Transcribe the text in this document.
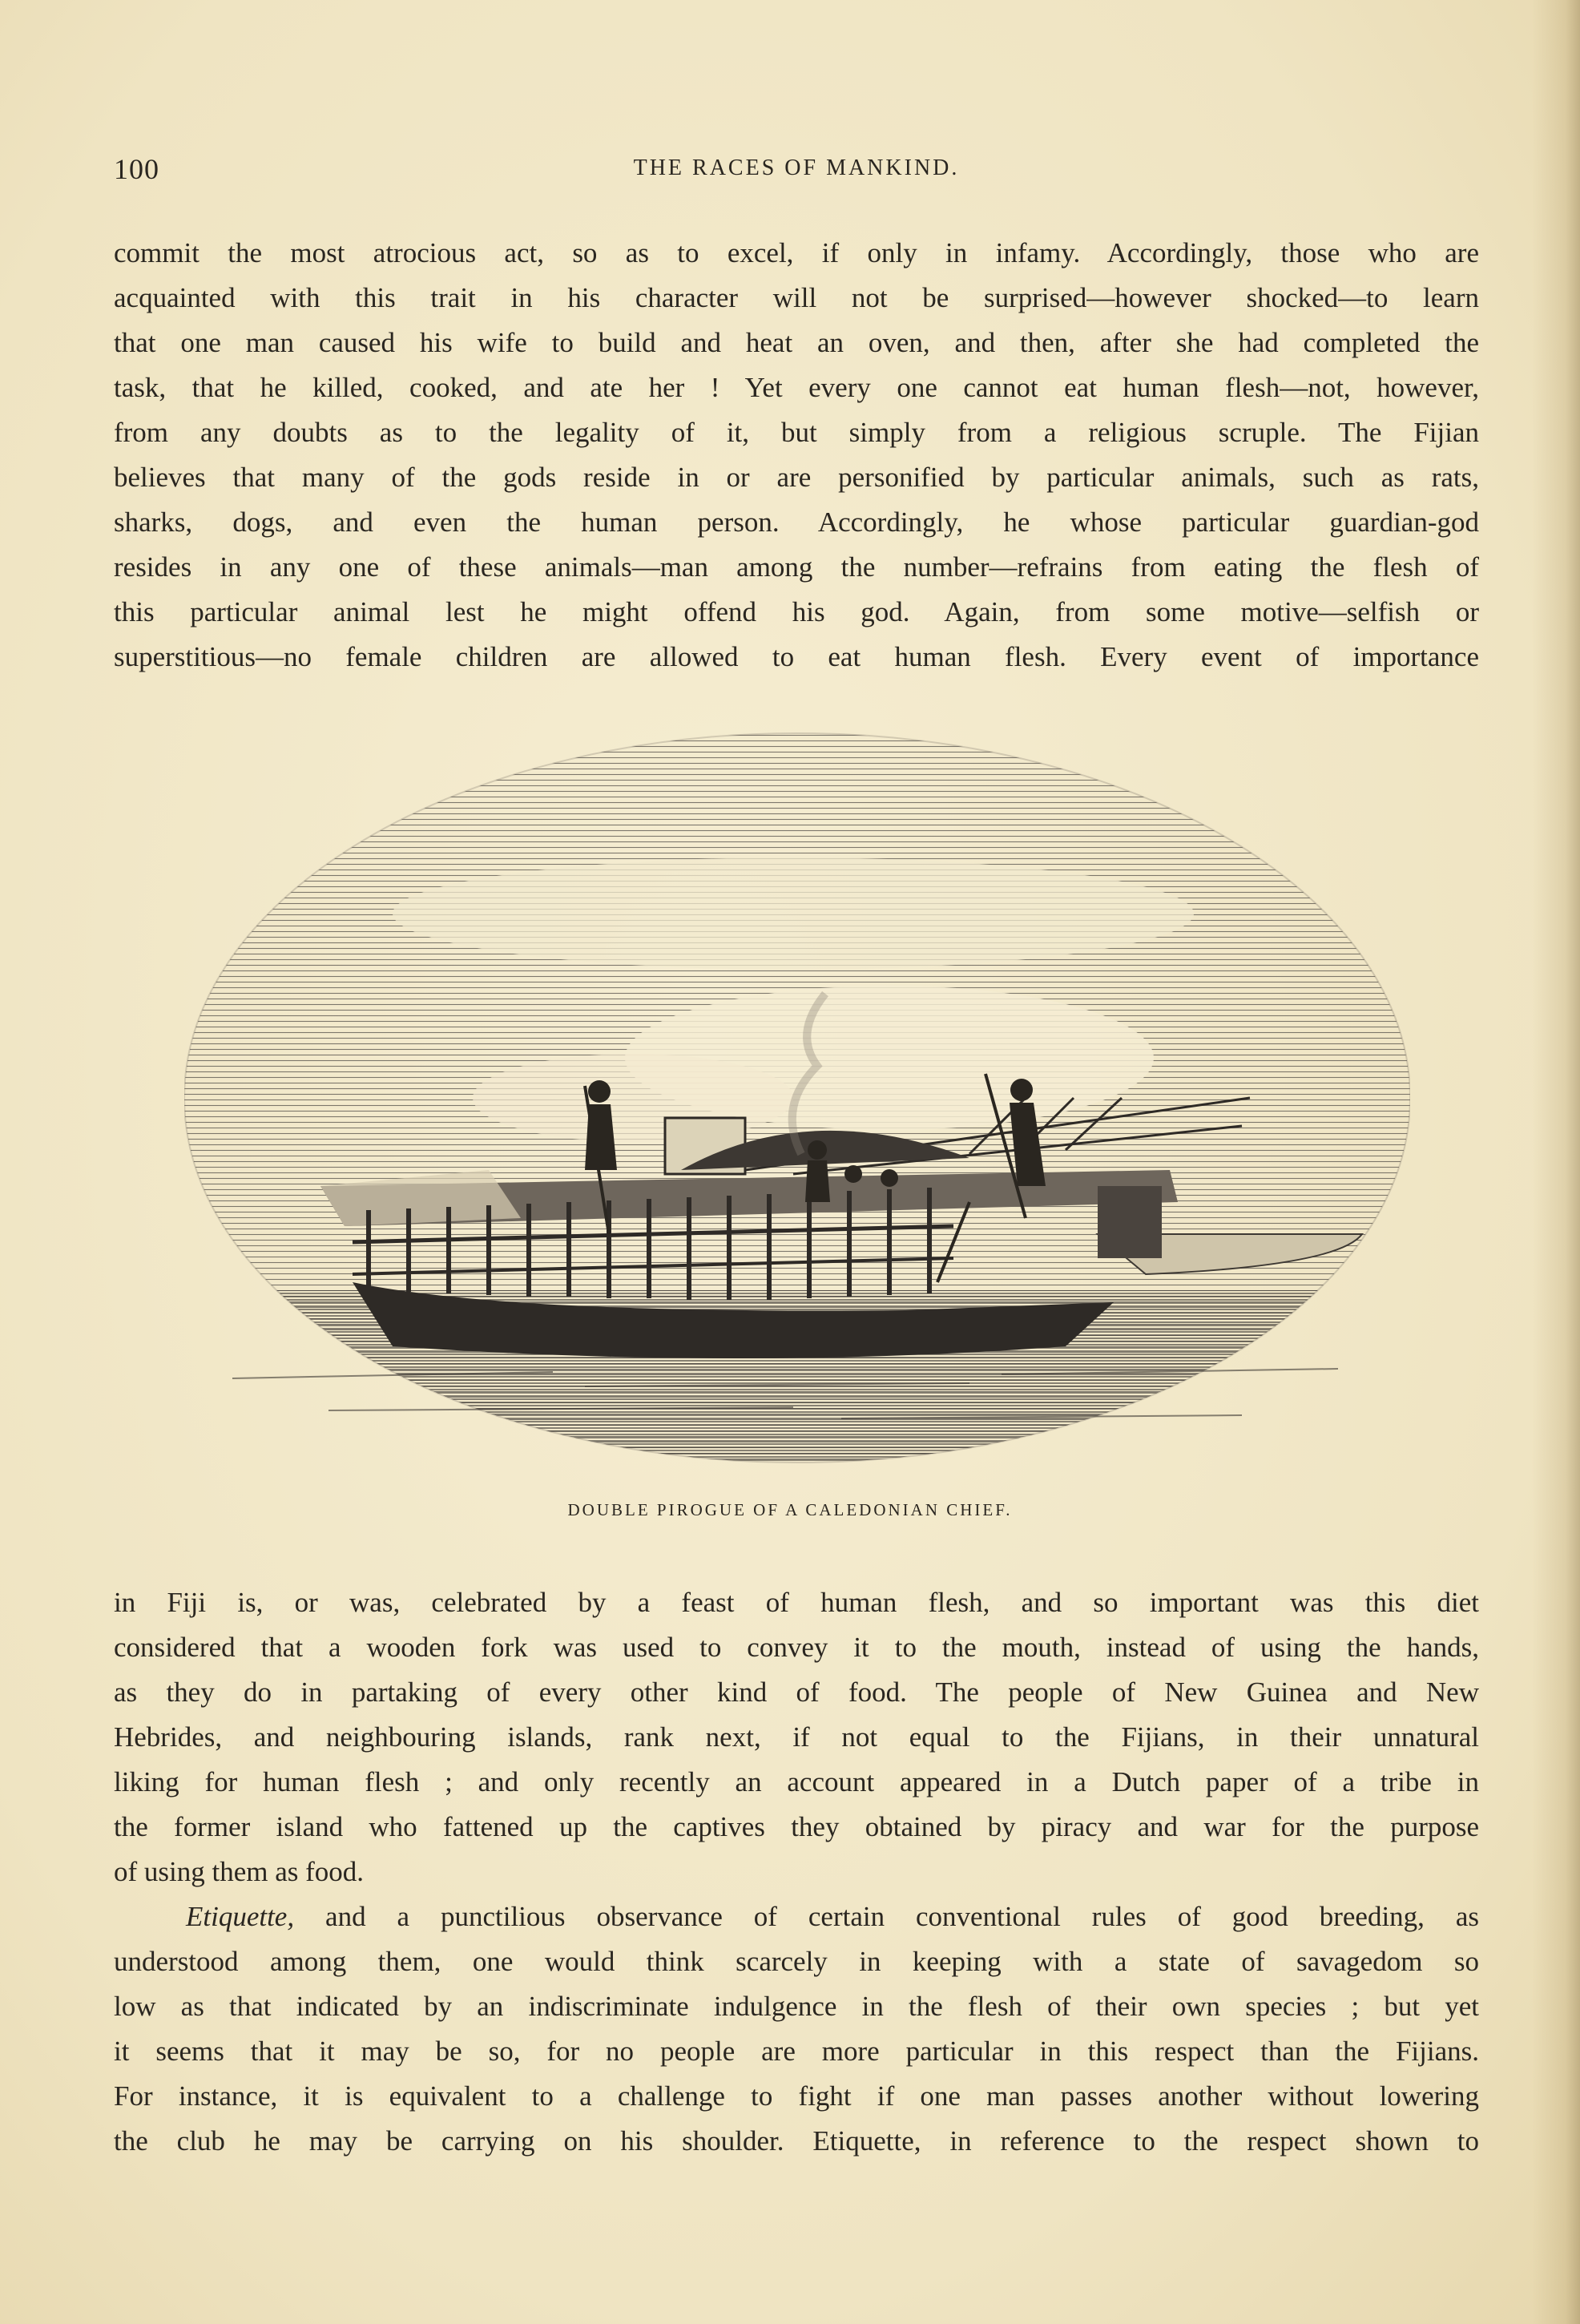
100	THE RACES OF MANKIND.
commit the most atrocious act, so as to excel, if only in infamy. Accordingly, those who are
acquainted with this trait in his character will not be surprised—however shocked—to learn
that one man caused his wife to build and heat an oven, and then, after she had completed the
task, that he killed, cooked, and ate her ! Yet every one cannot eat human flesh—not, however,
from any doubts as to the legality of it, but simply from a religious scruple. The Fijian
believes that many of the gods reside in or are personified by particular animals, such as rats,
sharks, dogs, and even the human person. Accordingly, he whose particular guardian-god
resides in any one of these animals—man among the number—refrains from eating the flesh of
this particular animal lest he might offend his god. Again, from some motive—selfish or
superstitious—no female children are allowed to eat human flesh. Every event of importance
DOUBLE PIROGUE OF A CALEDONIAN CHIEF.
in Fiji is, or was, celebrated by a feast of human flesh, and so important was this diet
considered that a wooden fork was used to convey it to the mouth, instead of using the hands,
as they do in partaking of every other kind of food. The people of New Guinea and New
Hebrides, and neighbouring islands, rank next, if not equal to the Fijians, in their unnatural
liking for human flesh ; and only recently an account appeared in a Dutch paper of a tribe in
the former island who fattened up the captives they obtained by piracy and war for the purpose
of using them as food.
Etiquette, and a punctilious observance of certain conventional rules of good breeding, as
understood among them, one would think scarcely in keeping with a state of savagedom so
low as that indicated by an indiscriminate indulgence in the flesh of their own species ; but yet
it seems that it may be so, for no people are more particular in this respect than the Fijians.
For instance, it is equivalent to a challenge to fight if one man passes another without lowering
the club he may be carrying on his shoulder. Etiquette, in reference to the respect shown to
